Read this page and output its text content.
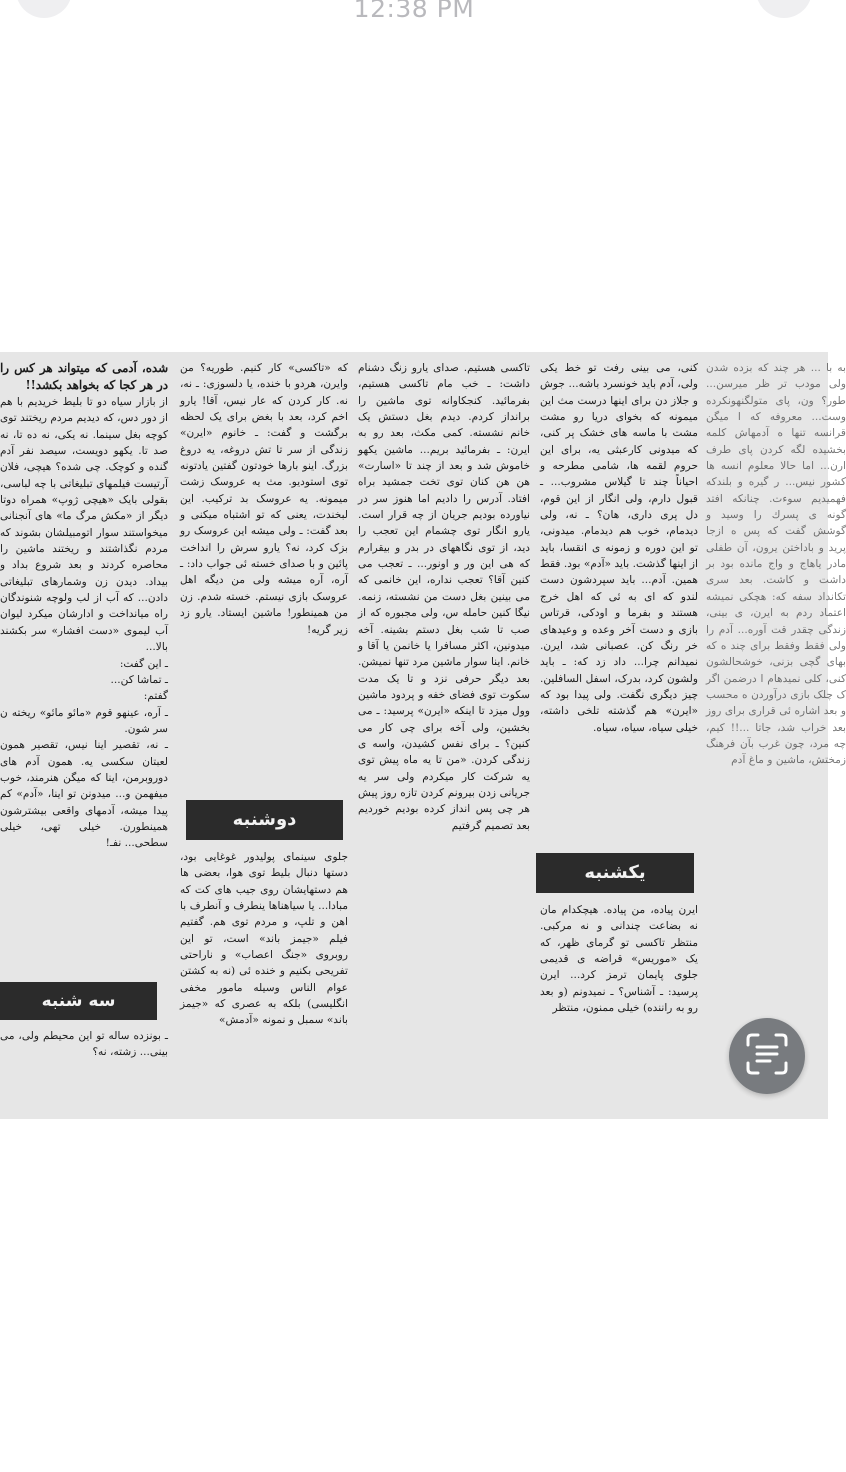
12:38 PM

به با ... هر چند که بزده شدن ولی مودب تر ظر میرسن... طور؟ ون، پای متولگنهونکرده وست... معروفه که ا میگن قرانسه تنها ه آدمهاش کلمه بخشیده لگه کردن پای طرف ارن... اما حالا معلوم انسه ها کشور نیس... ر گیره و بلندکه فهمیدیم سوءت. چنانکه افتد گونه ی پسرك را وسید و گوشش گفت که پس ه ازجا پرید و باداختن یرون، آن طفلی مادر یاهاج و واج مانده بود بر داشت و کاشت. بعد سری تکانداد سفه که: هچکی نمیشه اعتماد ردم به ایرن، ی بینی، زندگی چقدر قت آوره... آدم را ولی فقط وفقط برای چند ه که بهای گچی بزنی، خوشحالشون کنی، کلی نمیدهام ا درضمن اگر ک چلک بازی درآوردن ه محسب و بعد اشاره ئی قراری برای روز بعد خراب شد، جاتا ...!! کیم، چه مرد، چون غرب بآن فرهنگ زمختش، ماشین و ماغ آدم

کنی، می بینی رفت تو خط یکی ولی، آدم باید خونسرد باشه... جوش و جلاز دن برای اینها درست مث این میمونه که بخوای دریا رو مشت مشت با ماسه های خشک پر کنی، که میدونی کارعبثی یه، برای این حروم لقمه ها، شامی مطرحه و احیاناً چند تا گیلاس مشروب... ـ قبول دارم، ولی انگار از این قوم، دل پری داری، هان؟ ـ نه، ولی دیدمام، خوب هم دیدمام. میدونی، تو این دوره و زمونه ی انقسا، باید از اینها گذشت. باید «آدم» بود. فقط همین. آدم... باید سپردشون دست لندو که ای به ئی که اهل خرج هستند و بفرما و اودکی، قرتاس بازی و دست آخر وعده و وعیدهای خر رنگ کن. عصبانی شد، ایرن. نمیدانم چرا... داد زد که: ـ باید ولشون کرد، بدرک، اسفل السافلین. چیز دیگری نگفت. ولی پیدا بود که «ایرن» هم گذشته تلخی داشته، خیلی سیاه، سیاه، سیاه.

یکشنبه
ایرن پیاده، من پیاده. هیچکدام مان نه بضاعت چندانی و نه مرکبی. منتظر تاکسی تو گرمای ظهر، که یک «موریس» قراضه ی قدیمی جلوی پایمان ترمز کرد... ایرن پرسید: ـ آشناس؟ ـ نمیدونم (و بعد رو به راننده) خیلی ممنون، منتظر

تاکسی هستیم. صدای یارو زنگ دشنام داشت: ـ خب مام تاکسی هستیم، بفرمائید. کنجکاوانه توی ماشین را برانداز کردم. دیدم بغل دستش یک خانم نشسته. کمی مکث، بعد رو به ایرن: ـ بفرمائید بریم... ماشین یکهو خاموش شد و بعد از چند تا «اسارت» هن هن کنان توی تخت جمشید براه افتاد. آدرس را دادیم اما هنوز سر در نیاورده بودیم جریان از چه قرار است. یارو انگار توی چشمام این تعجب را دید، از توی نگاههای در بدر و بیقرارم که هی این ور و اونور... ـ تعجب می کنین آقا؟ تعجب نداره، این خانمی که می بینین بغل دست من نشسته، زنمه. نیگا کنین حامله س، ولی مجبوره که از صب تا شب بغل دستم بشینه. آخه میدونین، اکثر مسافرا یا خانمن یا آقا و خانم. اینا سوار ماشین مرد تنها نمیشن. بعد دیگر حرفی نزد و تا یک مدت سکوت توی فضای خفه و پردود ماشین وول میزد تا اینکه «ایرن» پرسید: ـ می بخشین، ولی آخه برای چی کار می کنین؟ ـ برای نفس کشیدن، واسه ی زندگی کردن. «من تا یه ماه پیش توی یه شرکت کار میکردم ولی سر یه جریانی زدن بیرونم کردن تازه روز پیش هر چی پس انداز کرده بودیم خوردیم بعد تصمیم گرفتیم

که «تاکسی» کار کنیم. طوریه؟ من وایرن، هردو با خنده، یا دلسوزی: ـ نه، نه. کار کردن که عار نیس، آقا! یارو اخم کرد، بعد با بغض برای یک لحظه برگشت و گفت: ـ خانوم «ایرن» زندگی از سر تا تش دروغه، یه دروغ بزرگ. اینو بارها خودتون گفتین یادتونه توی استودیو. مث یه عروسک زشت میمونه. یه عروسک بد ترکیب. این لبخندت، یعنی که تو اشتباه میکنی و بعد گفت: ـ ولی میشه این عروسک رو بزک کرد، نه؟ یارو سرش را انداخت پائین و با صدای خسته ئی جواب داد: ـ آره، آره میشه ولی من دیگه اهل عروسک بازی نیستم. خسته شدم. زن من همینطور! ماشین ایستاد. یارو زد زیر گریه!

دوشنبه
جلوی سینمای پولیدور غوغایی بود، دستها دنبال بلیط توی هوا، بعضی ها هم دستهایشان روی جیب های کت که مبادا... یا سیاهناها ینطرف و آنطرف با اهن و تلپ، و مردم توی هم. گفتیم فیلم «جیمز باند» است، تو این روبروی «جنگ اعصاب» و ناراحتی تفریحی بکنیم و خنده ئی (نه به کشتن عوام الناس وسیله مامور مخفی انگلیسی) بلکه به عصری که «جیمز باند» سمبل و نمونه «آدمش»

شده، آدمی که میتواند هر کس را در هر کجا که بخواهد بکشد!!

از بازار سیاه دو تا بلیط خریدیم با هم از دور دس، که دیدیم مردم ریختند توی کوچه بغل سینما. نه یکی، نه ده تا، نه صد تا. یکهو دویست، سیصد نفر آدم گنده و کوچک. چی شده؟ هیچی، فلان آرتیست فیلمهای تبلیغاتی با چه لباسی، بقولی بایک «هیچی ژوپ» همراه دوتا دیگر از «مکش مرگ ما» های آنجنانی میخواستند سوار اتومبیلشان بشوند که مردم نگذاشتند و ریختند ماشین را محاصره کردند و بعد شروع بداد و بیداد. دیدن زن وشمارهای تبلیغاتی دادن... که آب از لب ولوچه شنوندگان راه میانداخت و ادارشان میکرد لیوان آب لیموی «دست افشار» سر بکشند بالا...

ـ این گفت:

ـ تماشا کن...

گفتم:

ـ آره، عینهو قوم «مائو مائو» ریخته ن سر شون.

ـ نه، تقصیر اینا نیس، تقصیر همون لعبتان سکسی یه. همون آدم های دوروبرمن، اینا که میگن هنرمند، خوب میفهمن و... میدونن تو اینا، «آدم» کم پیدا میشه، آدمهای واقعی بیشترشون همینطورن. خیلی تهی، خیلی سطحی... نفـ!

سه شنبه
ـ بونزده ساله تو این محیطم ولی، می بینی... زشته، نه؟
